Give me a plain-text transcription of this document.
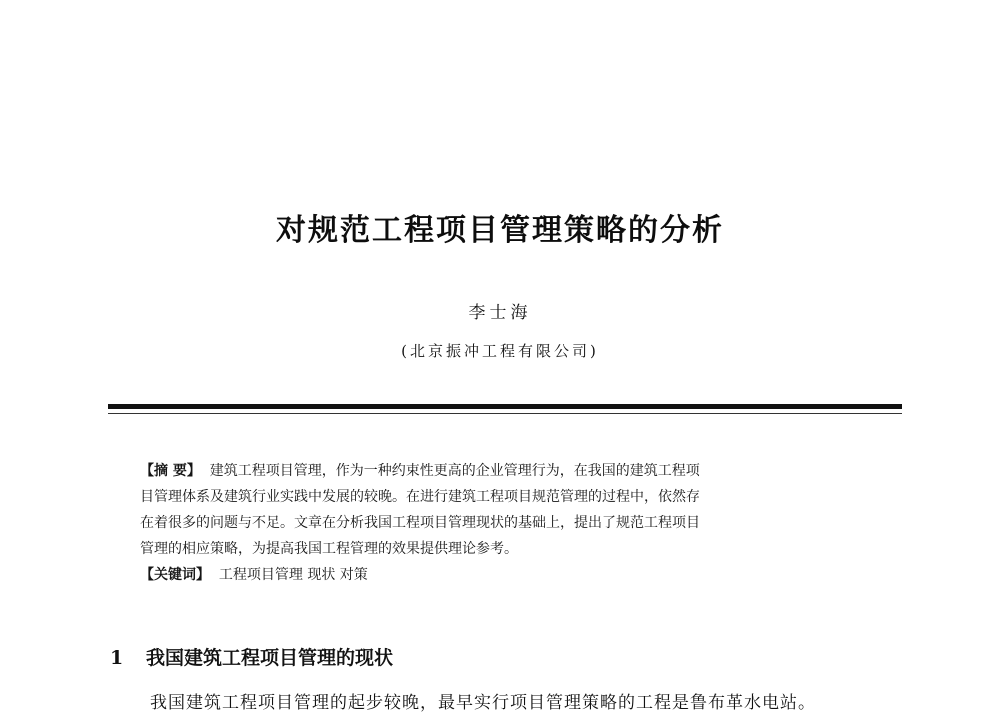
对规范工程项目管理策略的分析
李士海
(北京振冲工程有限公司)
【摘 要】 建筑工程项目管理，作为一种约束性更高的企业管理行为，在我国的建筑工程项
目管理体系及建筑行业实践中发展的较晚。在进行建筑工程项目规范管理的过程中，依然存
在着很多的问题与不足。文章在分析我国工程项目管理现状的基础上，提出了规范工程项目
管理的相应策略，为提高我国工程管理的效果提供理论参考。
【关键词】 工程项目管理 现状 对策
1 我国建筑工程项目管理的现状
我国建筑工程项目管理的起步较晚，最早实行项目管理策略的工程是鲁布革水电站。
